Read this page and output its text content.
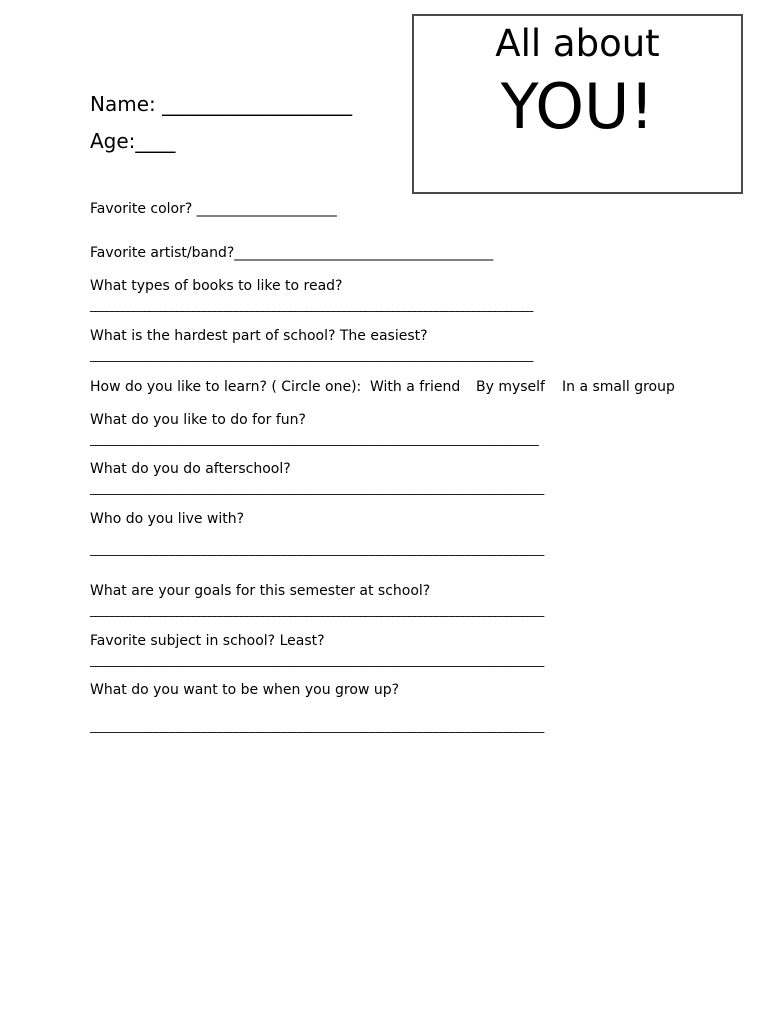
All about
YOU!
Name: ___________________
Age:____
Favorite color? ____________________
Favorite artist/band?_____________________________________
What types of books to like to read?
__________________________________________________________________________________
What is the hardest part of school? The easiest?
__________________________________________________________________________________
How do you like to learn? ( Circle one): With a friend By myself In a small group
What do you like to do for fun?
___________________________________________________________________________________
What do you do afterschool?
____________________________________________________________________________________
Who do you live with?
____________________________________________________________________________________
What are your goals for this semester at school?
____________________________________________________________________________________
Favorite subject in school? Least?
____________________________________________________________________________________
What do you want to be when you grow up?
____________________________________________________________________________________
